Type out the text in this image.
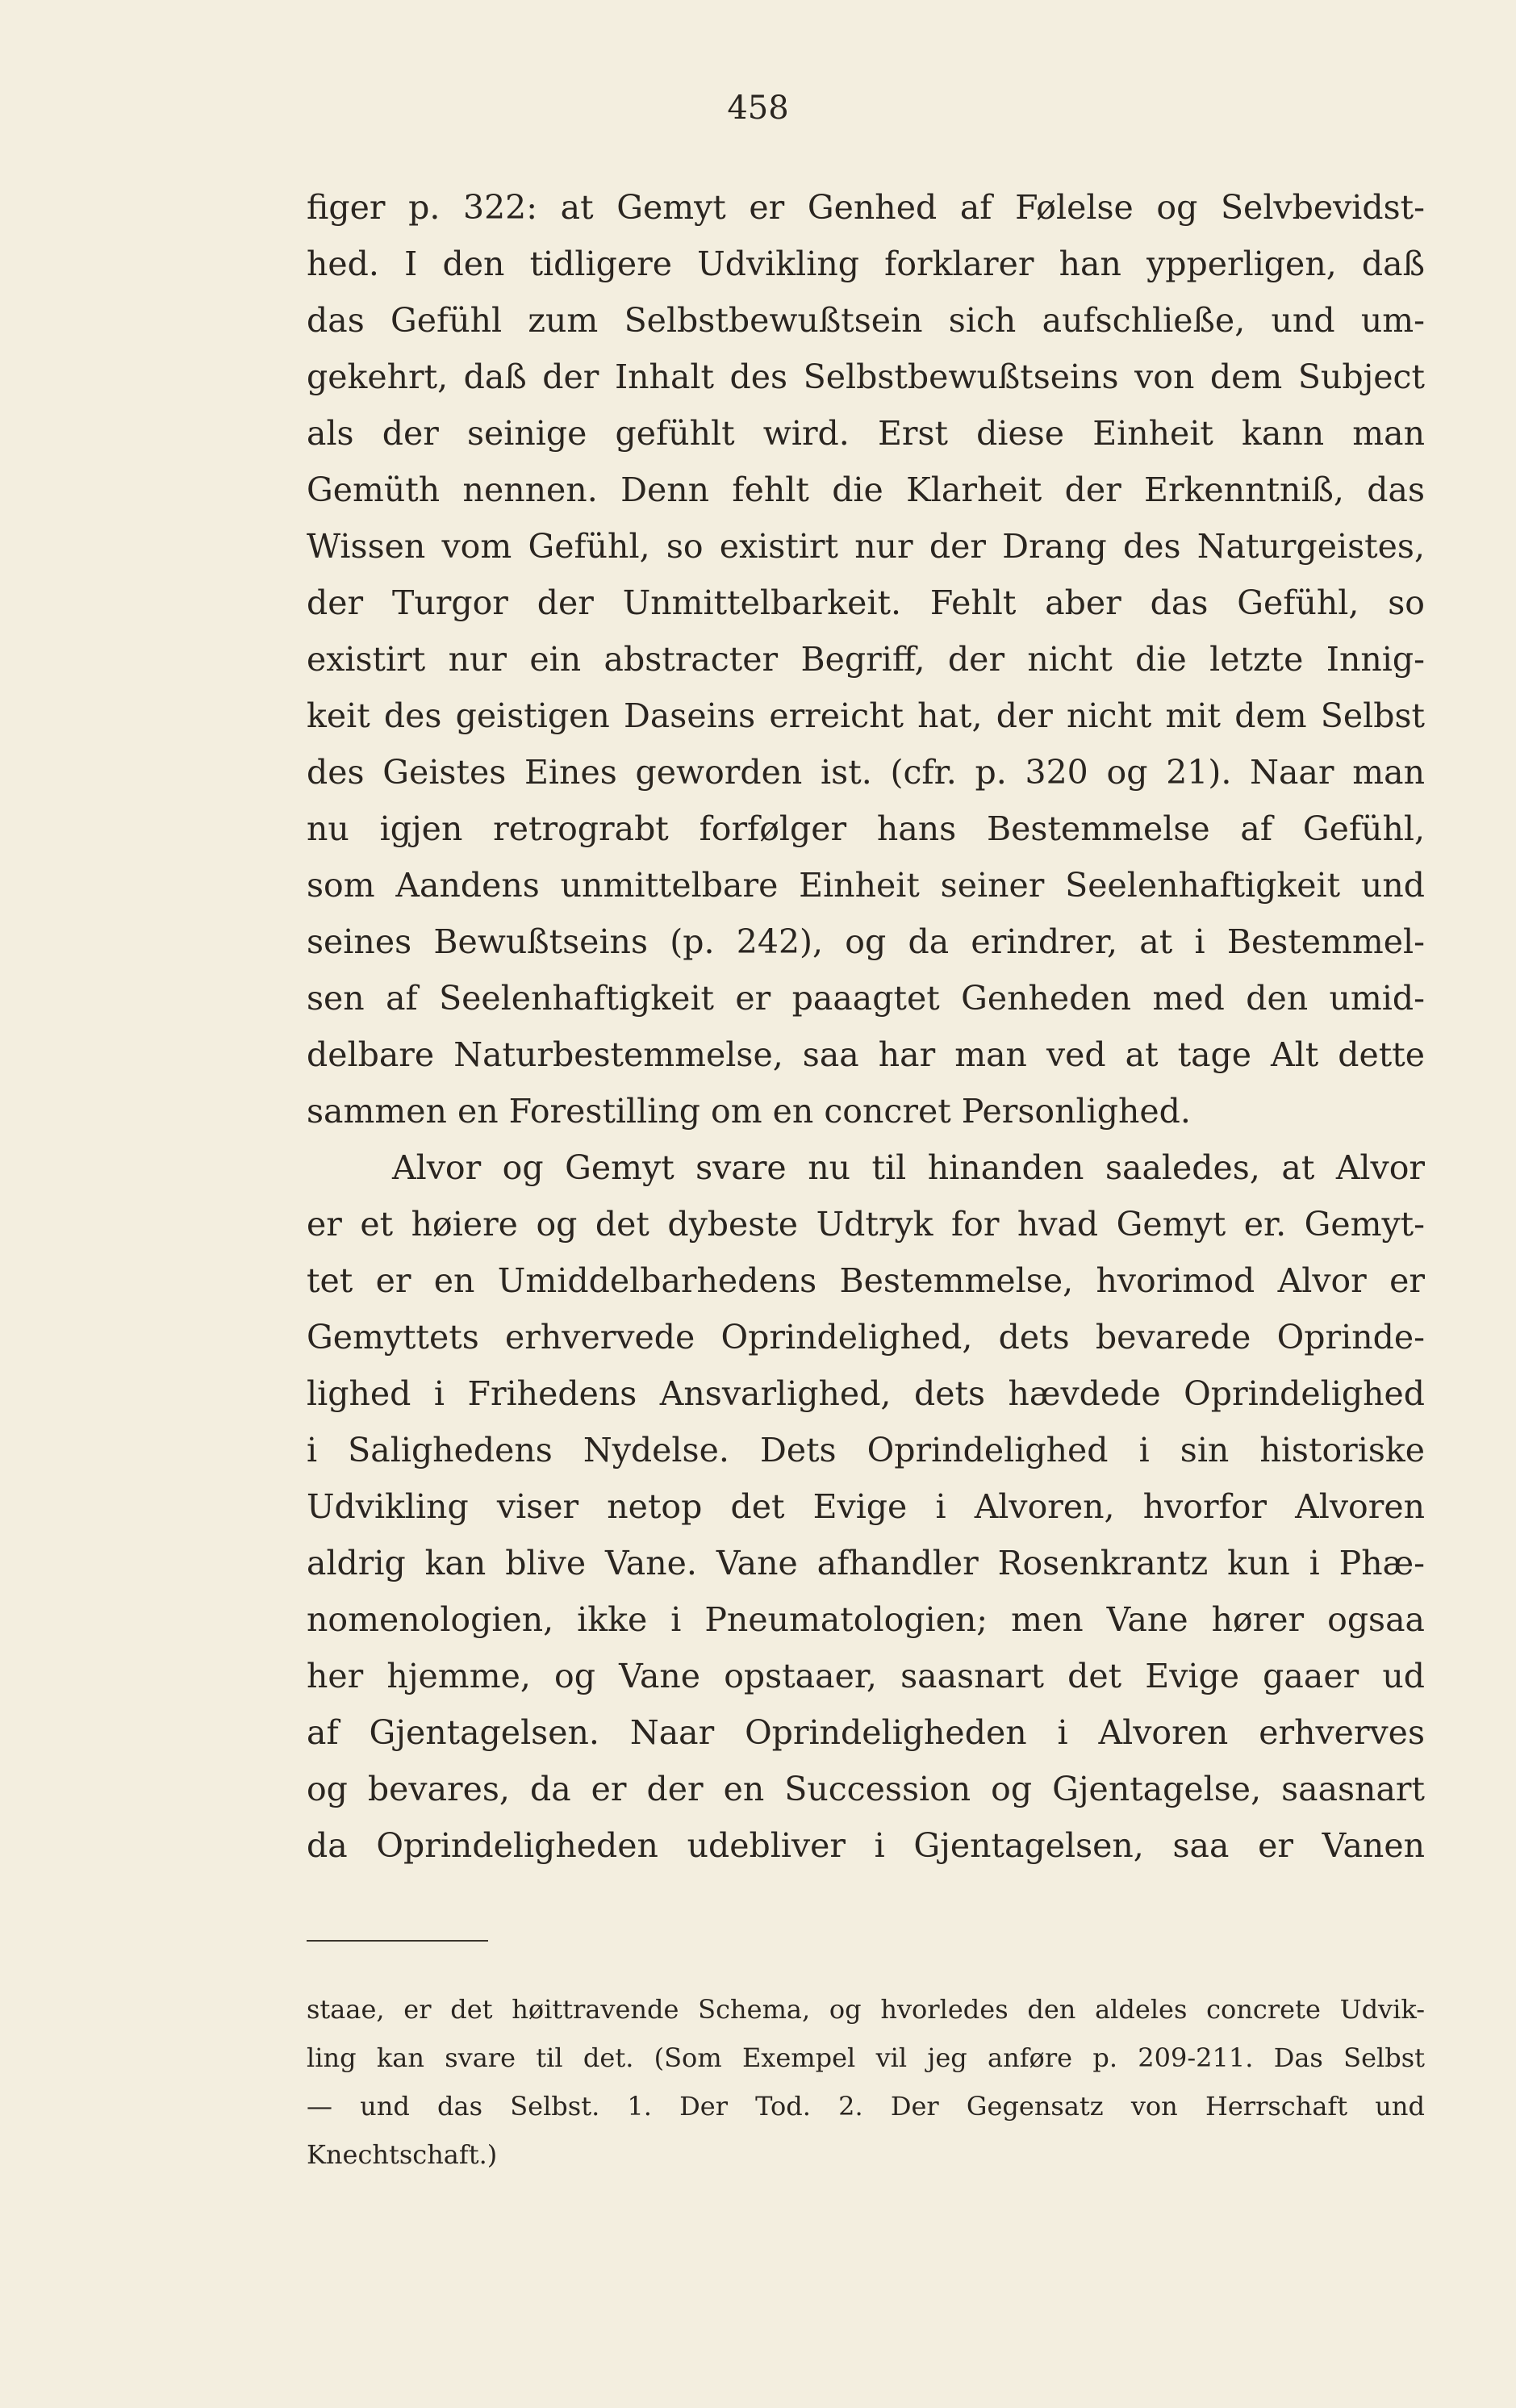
458
figer p. 322: at Gemyt er Genhed af Følelse og Selvbevidst-
hed. I den tidligere Udvikling forklarer han ypperligen, daß
das Gefühl zum Selbstbewußtsein sich aufschließe, und um-
gekehrt, daß der Inhalt des Selbstbewußtseins von dem Subject
als der seinige gefühlt wird. Erst diese Einheit kann man
Gemüth nennen. Denn fehlt die Klarheit der Erkenntniß, das
Wissen vom Gefühl, so existirt nur der Drang des Naturgeistes,
der Turgor der Unmittelbarkeit. Fehlt aber das Gefühl, so
existirt nur ein abstracter Begriff, der nicht die letzte Innig-
keit des geistigen Daseins erreicht hat, der nicht mit dem Selbst
des Geistes Eines geworden ist. (cfr. p. 320 og 21). Naar man
nu igjen retrograbt forfølger hans Bestemmelse af Gefühl,
som Aandens unmittelbare Einheit seiner Seelenhaftigkeit und
seines Bewußtseins (p. 242), og da erindrer, at i Bestemmel-
sen af Seelenhaftigkeit er paaagtet Genheden med den umid-
delbare Naturbestemmelse, saa har man ved at tage Alt dette
sammen en Forestilling om en concret Personlighed.
Alvor og Gemyt svare nu til hinanden saaledes, at Alvor
er et høiere og det dybeste Udtryk for hvad Gemyt er. Gemyt-
tet er en Umiddelbarhedens Bestemmelse, hvorimod Alvor er
Gemyttets erhvervede Oprindelighed, dets bevarede Oprinde-
lighed i Frihedens Ansvarlighed, dets hævdede Oprindelighed
i Salighedens Nydelse. Dets Oprindelighed i sin historiske
Udvikling viser netop det Evige i Alvoren, hvorfor Alvoren
aldrig kan blive Vane. Vane afhandler Rosenkrantz kun i Phæ-
nomenologien, ikke i Pneumatologien; men Vane hører ogsaa
her hjemme, og Vane opstaaer, saasnart det Evige gaaer ud
af Gjentagelsen. Naar Oprindeligheden i Alvoren erhverves
og bevares, da er der en Succession og Gjentagelse, saasnart
da Oprindeligheden udebliver i Gjentagelsen, saa er Vanen
staae, er det høittravende Schema, og hvorledes den aldeles concrete Udvik-
ling kan svare til det. (Som Exempel vil jeg anføre p. 209-211. Das Selbst
— und das Selbst. 1. Der Tod. 2. Der Gegensatz von Herrschaft und
Knechtschaft.)
